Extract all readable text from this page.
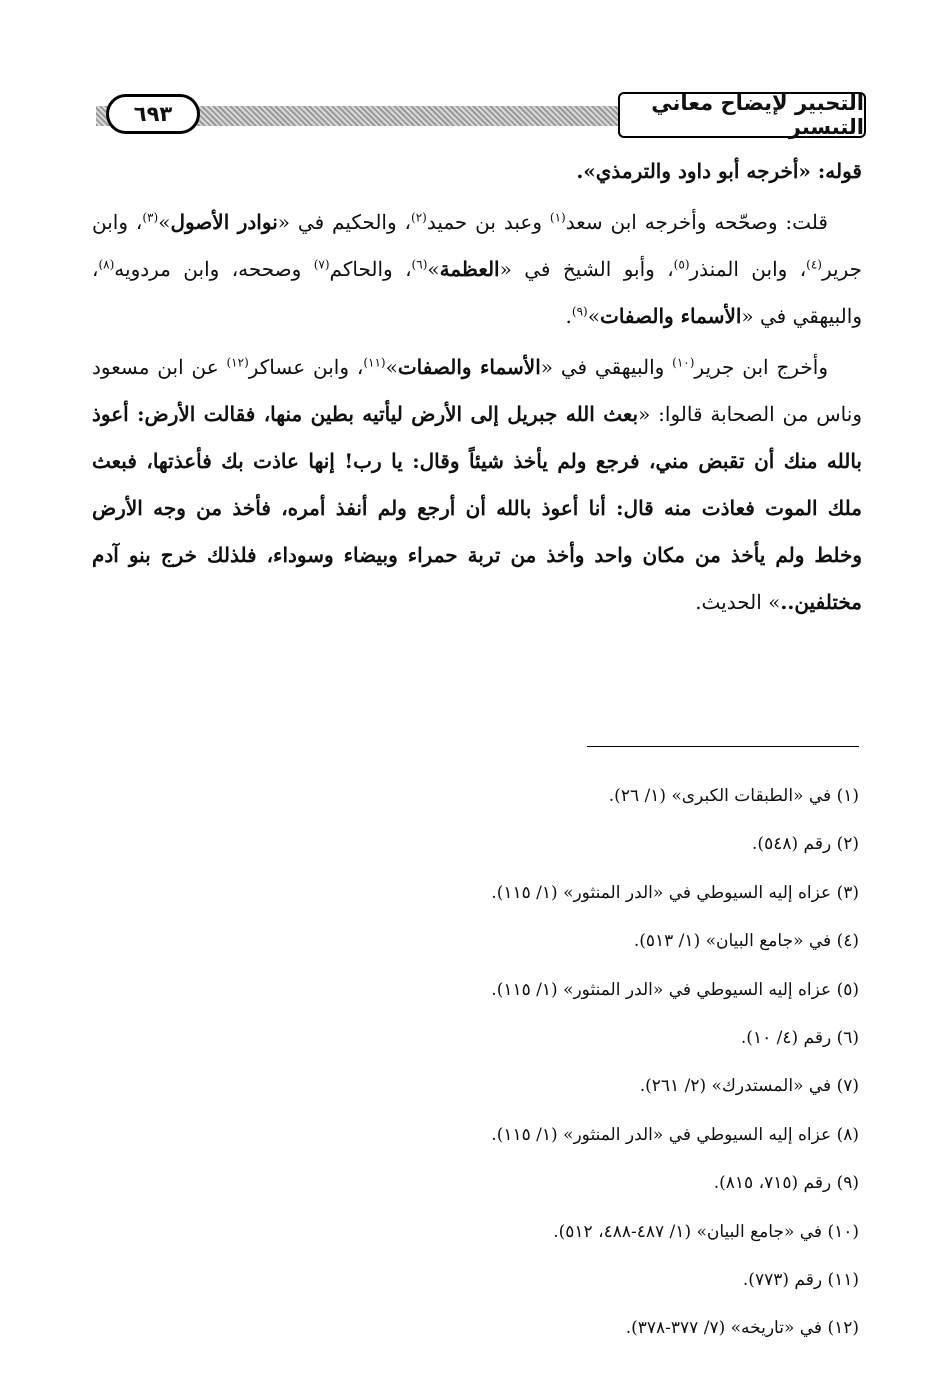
التحبير لإيضاح معاني التيسير
٦٩٣

قوله: «أخرجه أبو داود والترمذي».

قلت: وصحّحه وأخرجه ابن سعد$^{(١)}$ وعبد بن حميد$^{(٢)}$، والحكيم في «نوادر الأصول»$^{(٣)}$، وابن جرير$^{(٤)}$، وابن المنذر$^{(٥)}$، وأبو الشيخ في «العظمة»$^{(٦)}$، والحاكم$^{(٧)}$ وصححه، وابن مردويه$^{(٨)}$، والبيهقي في «الأسماء والصفات»$^{(٩)}$.

وأخرج ابن جرير$^{(١٠)}$ والبيهقي في «الأسماء والصفات»$^{(١١)}$، وابن عساكر$^{(١٢)}$ عن ابن مسعود وناس من الصحابة قالوا: «بعث الله جبريل إلى الأرض ليأتيه بطين منها، فقالت الأرض: أعوذ بالله منك أن تقبض مني، فرجع ولم يأخذ شيئاً وقال: يا رب! إنها عاذت بك فأعذتها، فبعث ملك الموت فعاذت منه قال: أنا أعوذ بالله أن أرجع ولم أنفذ أمره، فأخذ من وجه الأرض وخلط ولم يأخذ من مكان واحد وأخذ من تربة حمراء وبيضاء وسوداء، فلذلك خرج بنو آدم مختلفين..» الحديث.

(١) في «الطبقات الكبرى» (١/ ٢٦).
(٢) رقم (٥٤٨).
(٣) عزاه إليه السيوطي في «الدر المنثور» (١/ ١١٥).
(٤) في «جامع البيان» (١/ ٥١٣).
(٥) عزاه إليه السيوطي في «الدر المنثور» (١/ ١١٥).
(٦) رقم (٤/ ١٠).
(٧) في «المستدرك» (٢/ ٢٦١).
(٨) عزاه إليه السيوطي في «الدر المنثور» (١/ ١١٥).
(٩) رقم (٧١٥، ٨١٥).
(١٠) في «جامع البيان» (١/ ٤٨٧-٤٨٨، ٥١٢).
(١١) رقم (٧٧٣).
(١٢) في «تاريخه» (٧/ ٣٧٧-٣٧٨).
